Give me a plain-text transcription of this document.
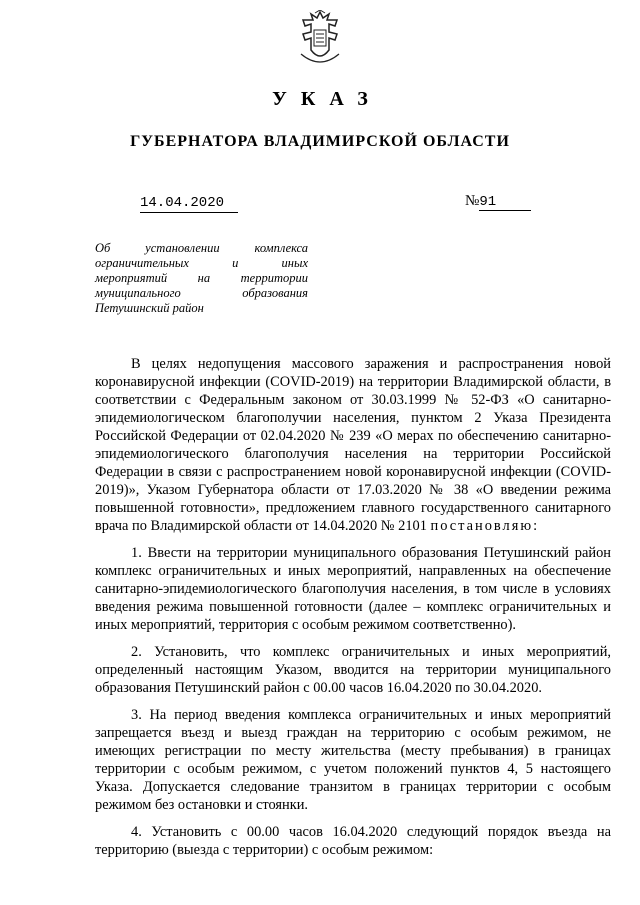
УКАЗ
ГУБЕРНАТОРА ВЛАДИМИРСКОЙ ОБЛАСТИ
14.04.2020	№91
Об установлении комплекса
ограничительных и иных
мероприятий на территории
муниципального образования
Петушинский район

В целях недопущения массового заражения и распространения новой коронавирусной инфекции (COVID-2019) на территории Владимирской области, в соответствии с Федеральным законом от 30.03.1999 № 52-ФЗ «О санитарно-эпидемиологическом благополучии населения, пунктом 2 Указа Президента Российской Федерации от 02.04.2020 № 239 «О мерах по обеспечению санитарно-эпидемиологического благополучия населения на территории Российской Федерации в связи с распространением новой коронавирусной инфекции (COVID-2019)», Указом Губернатора области от 17.03.2020 № 38 «О введении режима повышенной готовности», предложением главного государственного санитарного врача по Владимирской области от 14.04.2020 № 2101 постановляю:

1. Ввести на территории муниципального образования Петушинский район комплекс ограничительных и иных мероприятий, направленных на обеспечение санитарно-эпидемиологического благополучия населения, в том числе в условиях введения режима повышенной готовности (далее – комплекс ограничительных и иных мероприятий, территория с особым режимом соответственно).

2. Установить, что комплекс ограничительных и иных мероприятий, определенный настоящим Указом, вводится на территории муниципального образования Петушинский район с 00.00 часов 16.04.2020 по 30.04.2020.

3. На период введения комплекса ограничительных и иных мероприятий запрещается въезд и выезд граждан на территорию с особым режимом, не имеющих регистрации по месту жительства (месту пребывания) в границах территории с особым режимом, с учетом положений пунктов 4, 5 настоящего Указа. Допускается следование транзитом в границах территории с особым режимом без остановки и стоянки.

4. Установить с 00.00 часов 16.04.2020 следующий порядок въезда на территорию (выезда с территории) с особым режимом:
